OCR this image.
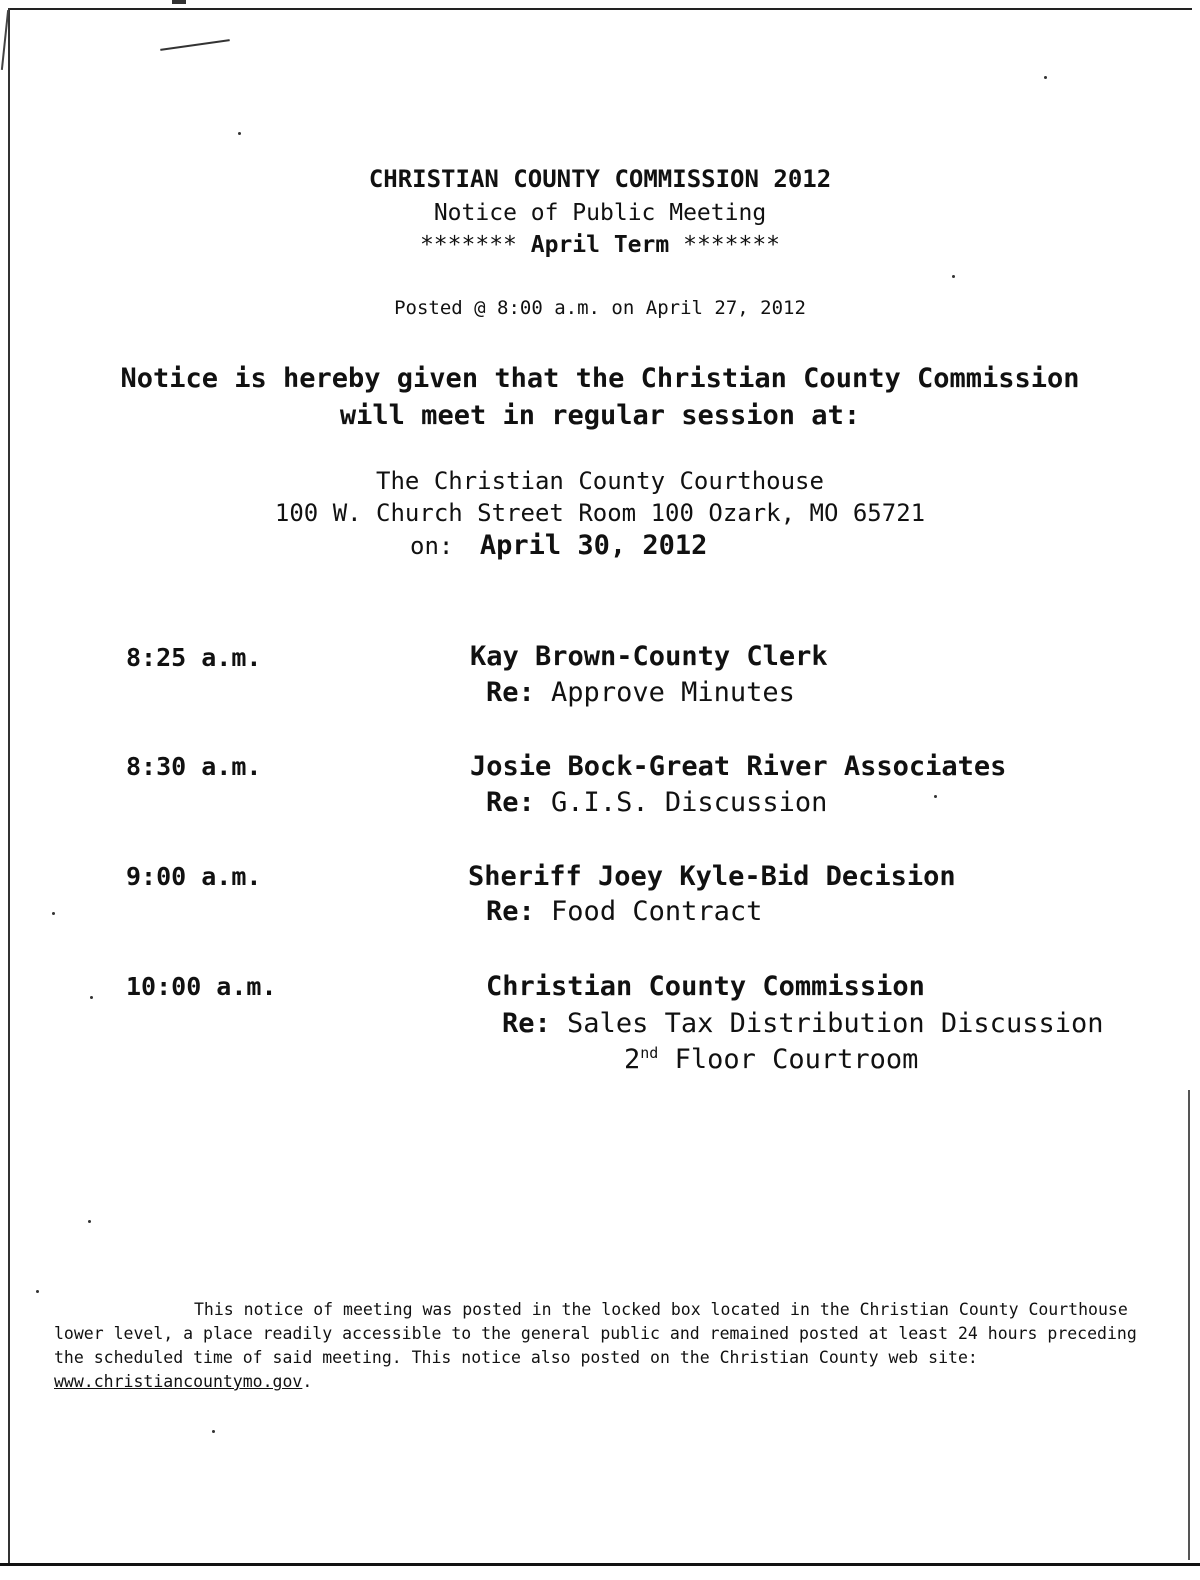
CHRISTIAN COUNTY COMMISSION 2012
Notice of Public Meeting
******* April Term *******
Posted @ 8:00 a.m. on April 27, 2012
Notice is hereby given that the Christian County Commission
will meet in regular session at:
The Christian County Courthouse
100 W. Church Street Room 100 Ozark, MO 65721
on: April 30, 2012
8:25 a.m.	Kay Brown-County Clerk
Re: Approve Minutes
8:30 a.m.	Josie Bock-Great River Associates
Re: G.I.S. Discussion
9:00 a.m.	Sheriff Joey Kyle-Bid Decision
Re: Food Contract
10:00 a.m.	Christian County Commission
Re: Sales Tax Distribution Discussion
2nd Floor Courtroom
This notice of meeting was posted in the locked box located in the Christian County Courthouse lower level, a place readily accessible to the general public and remained posted at least 24 hours preceding the scheduled time of said meeting. This notice also posted on the Christian County web site: www.christiancountymo.gov.
